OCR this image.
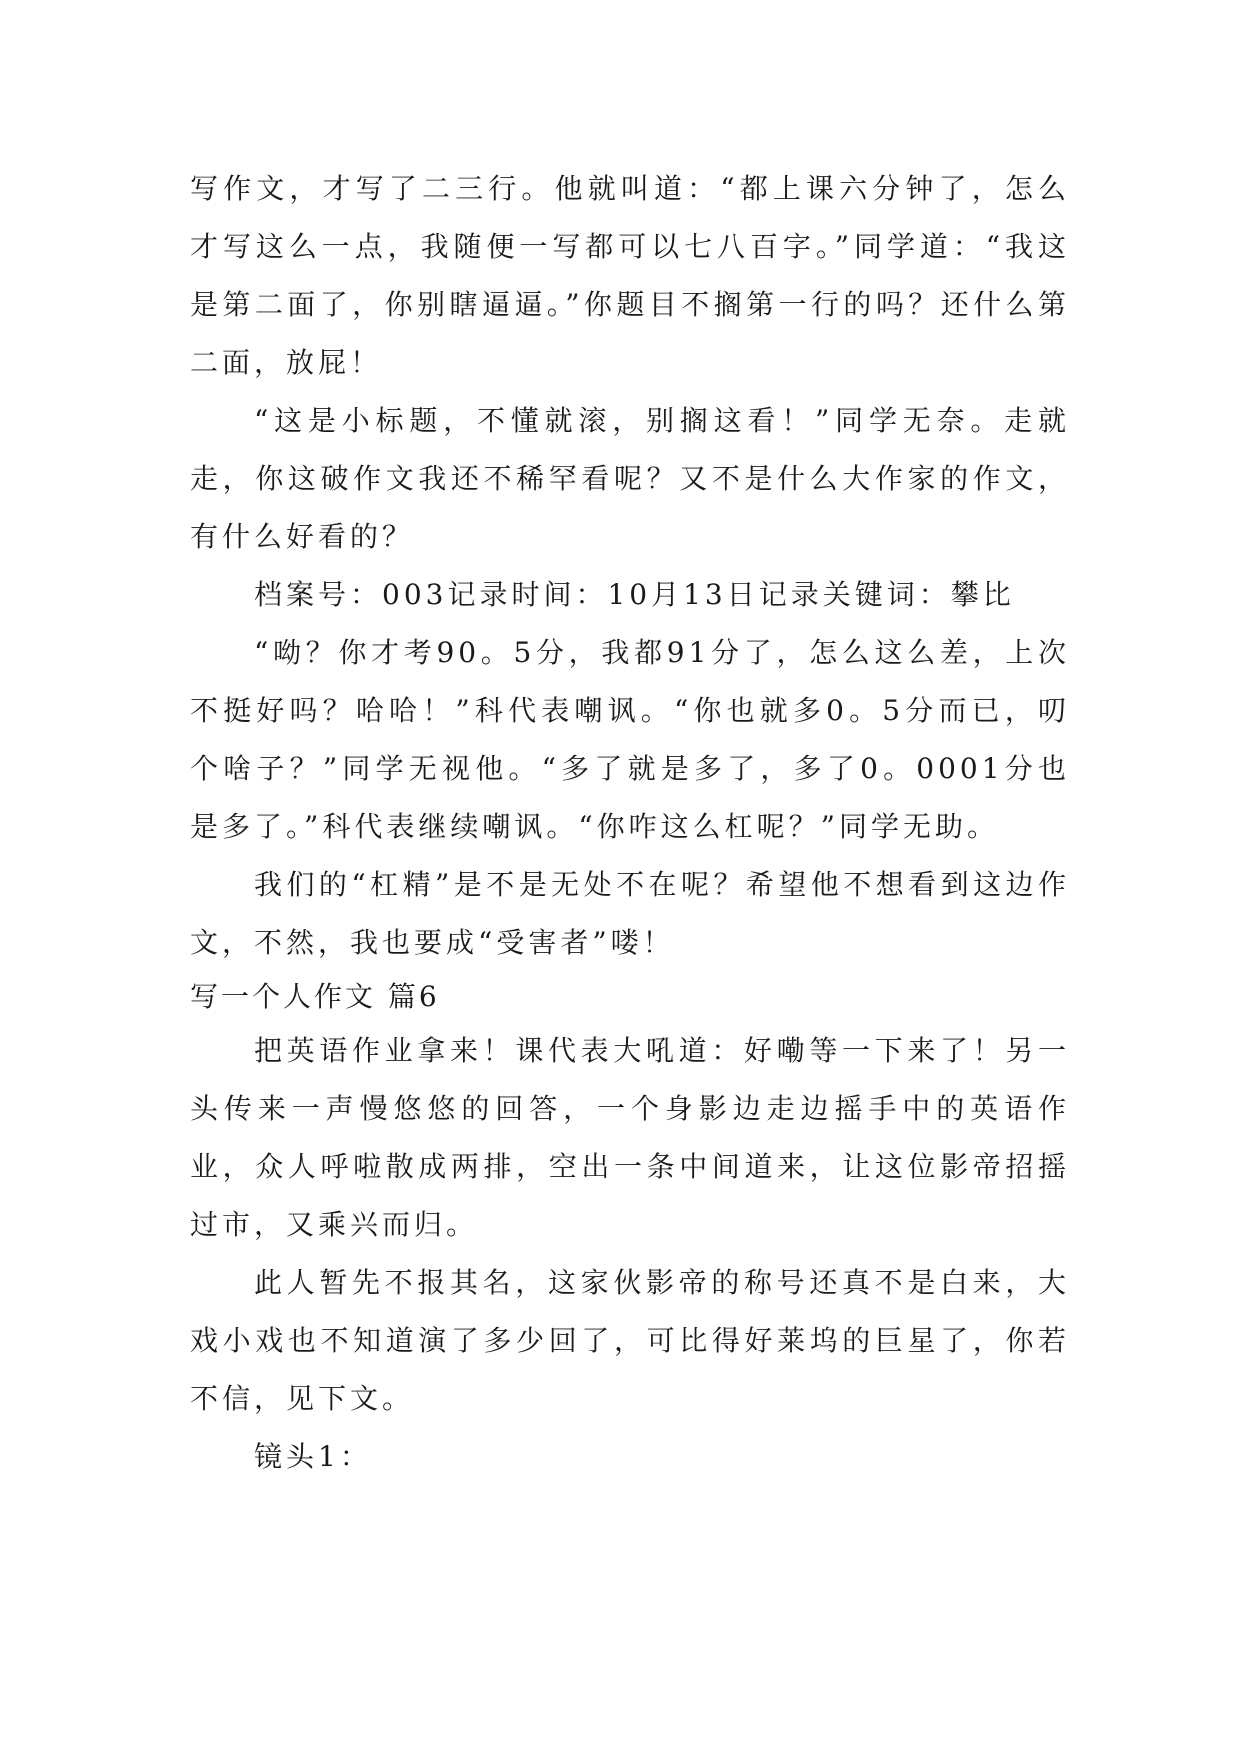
写作文，才写了二三行。他就叫道：“都上课六分钟了，怎么才写这么一点，我随便一写都可以七八百字。”同学道：“我这是第二面了，你别瞎逼逼。”你题目不搁第一行的吗？还什么第二面，放屁！

“这是小标题，不懂就滚，别搁这看！”同学无奈。走就走，你这破作文我还不稀罕看呢？又不是什么大作家的作文，有什么好看的？

档案号：003记录时间：10月13日记录关键词：攀比

“呦？你才考90。5分，我都91分了，怎么这么差，上次不挺好吗？哈哈！”科代表嘲讽。“你也就多0。5分而已，叨个啥子？”同学无视他。“多了就是多了，多了0。0001分也是多了。”科代表继续嘲讽。“你咋这么杠呢？”同学无助。

我们的“杠精”是不是无处不在呢？希望他不想看到这边作文，不然，我也要成“受害者”喽！

写一个人作文 篇6

把英语作业拿来！课代表大吼道：好嘞等一下来了！另一头传来一声慢悠悠的回答，一个身影边走边摇手中的英语作业，众人呼啦散成两排，空出一条中间道来，让这位影帝招摇过市，又乘兴而归。

此人暂先不报其名，这家伙影帝的称号还真不是白来，大戏小戏也不知道演了多少回了，可比得好莱坞的巨星了，你若不信，见下文。

镜头1：
